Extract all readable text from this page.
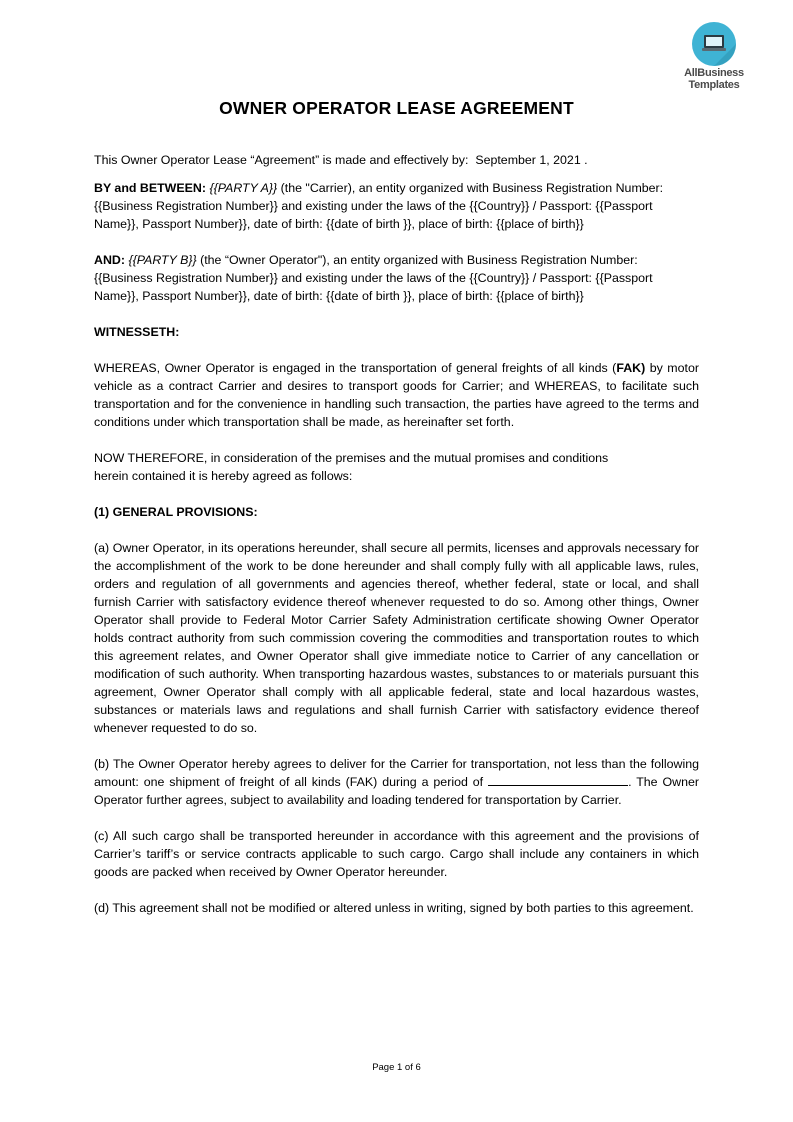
AllBusiness
Templates
OWNER OPERATOR LEASE AGREEMENT

This Owner Operator Lease “Agreement” is made and effectively by: September 1, 2021 .

BY and BETWEEN: {{PARTY A}} (the "Carrier), an entity organized with Business Registration Number: {{Business Registration Number}} and existing under the laws of the {{Country}} / Passport: {{Passport Name}}, Passport Number}}, date of birth: {{date of birth }}, place of birth: {{place of birth}}

AND: {{PARTY B}} (the “Owner Operator"), an entity organized with Business Registration Number: {{Business Registration Number}} and existing under the laws of the {{Country}} / Passport: {{Passport Name}}, Passport Number}}, date of birth: {{date of birth }}, place of birth: {{place of birth}}

WITNESSETH:

WHEREAS, Owner Operator is engaged in the transportation of general freights of all kinds (FAK) by motor vehicle as a contract Carrier and desires to transport goods for Carrier; and WHEREAS, to facilitate such transportation and for the convenience in handling such transaction, the parties have agreed to the terms and conditions under which transportation shall be made, as hereinafter set forth.

NOW THEREFORE, in consideration of the premises and the mutual promises and conditions
herein contained it is hereby agreed as follows:

(1) GENERAL PROVISIONS:

(a) Owner Operator, in its operations hereunder, shall secure all permits, licenses and approvals necessary for the accomplishment of the work to be done hereunder and shall comply fully with all applicable laws, rules, orders and regulation of all governments and agencies thereof, whether federal, state or local, and shall furnish Carrier with satisfactory evidence thereof whenever requested to do so. Among other things, Owner Operator shall provide to Federal Motor Carrier Safety Administration certificate showing Owner Operator holds contract authority from such commission covering the commodities and transportation routes to which this agreement relates, and Owner Operator shall give immediate notice to Carrier of any cancellation or modification of such authority. When transporting hazardous wastes, substances to or materials pursuant this agreement, Owner Operator shall comply with all applicable federal, state and local hazardous wastes, substances or materials laws and regulations and shall furnish Carrier with satisfactory evidence thereof whenever requested to do so.

(b) The Owner Operator hereby agrees to deliver for the Carrier for transportation, not less than the following amount: one shipment of freight of all kinds (FAK) during a period of	. The Owner Operator further agrees, subject to availability and loading tendered for transportation by Carrier.

(c) All such cargo shall be transported hereunder in accordance with this agreement and the provisions of Carrier’s tariff’s or service contracts applicable to such cargo. Cargo shall include any containers in which goods are packed when received by Owner Operator hereunder.

(d) This agreement shall not be modified or altered unless in writing, signed by both parties to this agreement.

Page 1 of 6
